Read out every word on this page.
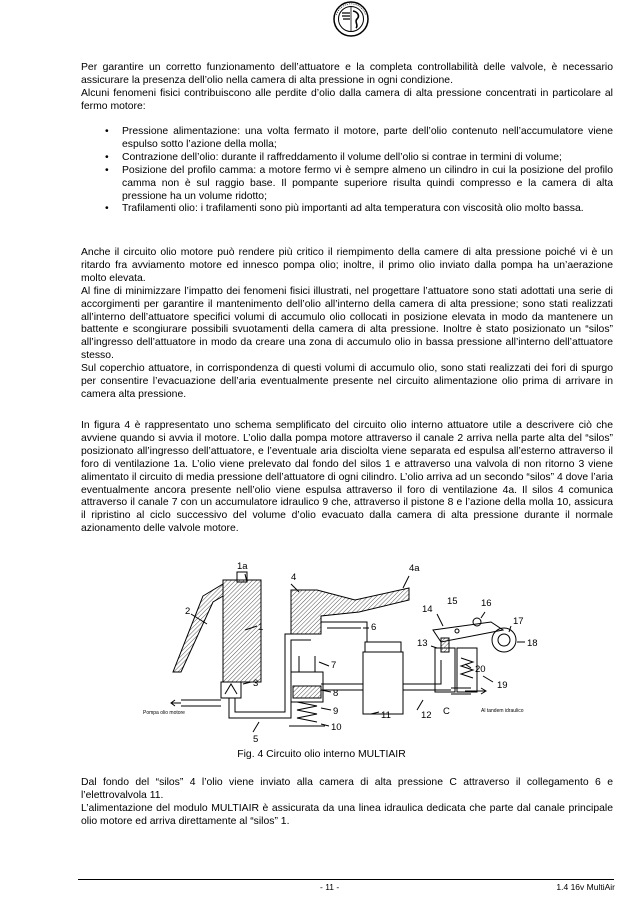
Per garantire un corretto funzionamento dell’attuatore e la completa controllabilità delle valvole, è necessario assicurare la presenza dell’olio nella camera di alta pressione in ogni condizione.

Alcuni fenomeni fisici contribuiscono alle perdite d’olio dalla camera di alta pressione concentrati in particolare al fermo motore:

• Pressione alimentazione: una volta fermato il motore, parte dell’olio contenuto nell’accumulatore viene espulso sotto l’azione della molla;
• Contrazione dell’olio: durante il raffreddamento il volume dell’olio si contrae in termini di volume;
• Posizione del profilo camma: a motore fermo vi è sempre almeno un cilindro in cui la posizione del profilo camma non è sul raggio base. Il pompante superiore risulta quindi compresso e la camera di alta pressione ha un volume ridotto;
• Trafilamenti olio: i trafilamenti sono più importanti ad alta temperatura con viscosità olio molto bassa.

Anche il circuito olio motore può rendere più critico il riempimento della camere di alta pressione poiché vi è un ritardo fra avviamento motore ed innesco pompa olio; inoltre, il primo olio inviato dalla pompa ha un’aerazione molto elevata.

Al fine di minimizzare l’impatto dei fenomeni fisici illustrati, nel progettare l’attuatore sono stati adottati una serie di accorgimenti per garantire il mantenimento dell’olio all’interno della camera di alta pressione; sono stati realizzati all’interno dell’attuatore specifici volumi di accumulo olio collocati in posizione elevata in modo da mantenere un battente e scongiurare possibili svuotamenti della camera di alta pressione. Inoltre è stato posizionato un “silos” all’ingresso dell’attuatore in modo da creare una zona di accumulo olio in bassa pressione all’interno dell’attuatore stesso.

Sul coperchio attuatore, in corrispondenza di questi volumi di accumulo olio, sono stati realizzati dei fori di spurgo per consentire l’evacuazione dell’aria eventualmente presente nel circuito alimentazione olio prima di arrivare in camera alta pressione.

In figura 4 è rappresentato uno schema semplificato del circuito olio interno attuatore utile a descrivere ciò che avviene quando si avvia il motore. L’olio dalla pompa motore attraverso il canale 2 arriva nella parte alta del “silos” posizionato all’ingresso dell’attuatore, e l’eventuale aria disciolta viene separata ed espulsa all’esterno attraverso il foro di ventilazione 1a. L’olio viene prelevato dal fondo del silos 1 e attraverso una valvola di non ritorno 3 viene alimentato il circuito di media pressione dell’attuatore di ogni cilindro. L’olio arriva ad un secondo “silos” 4 dove l’aria eventualmente ancora presente nell’olio viene espulsa attraverso il foro di ventilazione 4a. Il silos 4 comunica attraverso il canale 7 con un accumulatore idraulico 9 che, attraverso il pistone 8 e l’azione della molla 10, assicura il ripristino al ciclo successivo del volume d’olio evacuato dalla camera di alta pressione durante il normale azionamento delle valvole motore.

1a
4
4a
2
1
15 16
14
17
6
13	18
3
7	20
19
8
9	12
11	C
10
5
Pompa olio motore	Al tandem idraulico
Fig. 4 Circuito olio interno MULTIAIR

Dal fondo del “silos” 4 l’olio viene inviato alla camera di alta pressione C attraverso il collegamento 6 e l’elettrovalvola 11.

L’alimentazione del modulo MULTIAIR è assicurata da una linea idraulica dedicata che parte dal canale principale olio motore ed arriva direttamente al “silos” 1.

- 11 -	1.4 16v MultiAir
